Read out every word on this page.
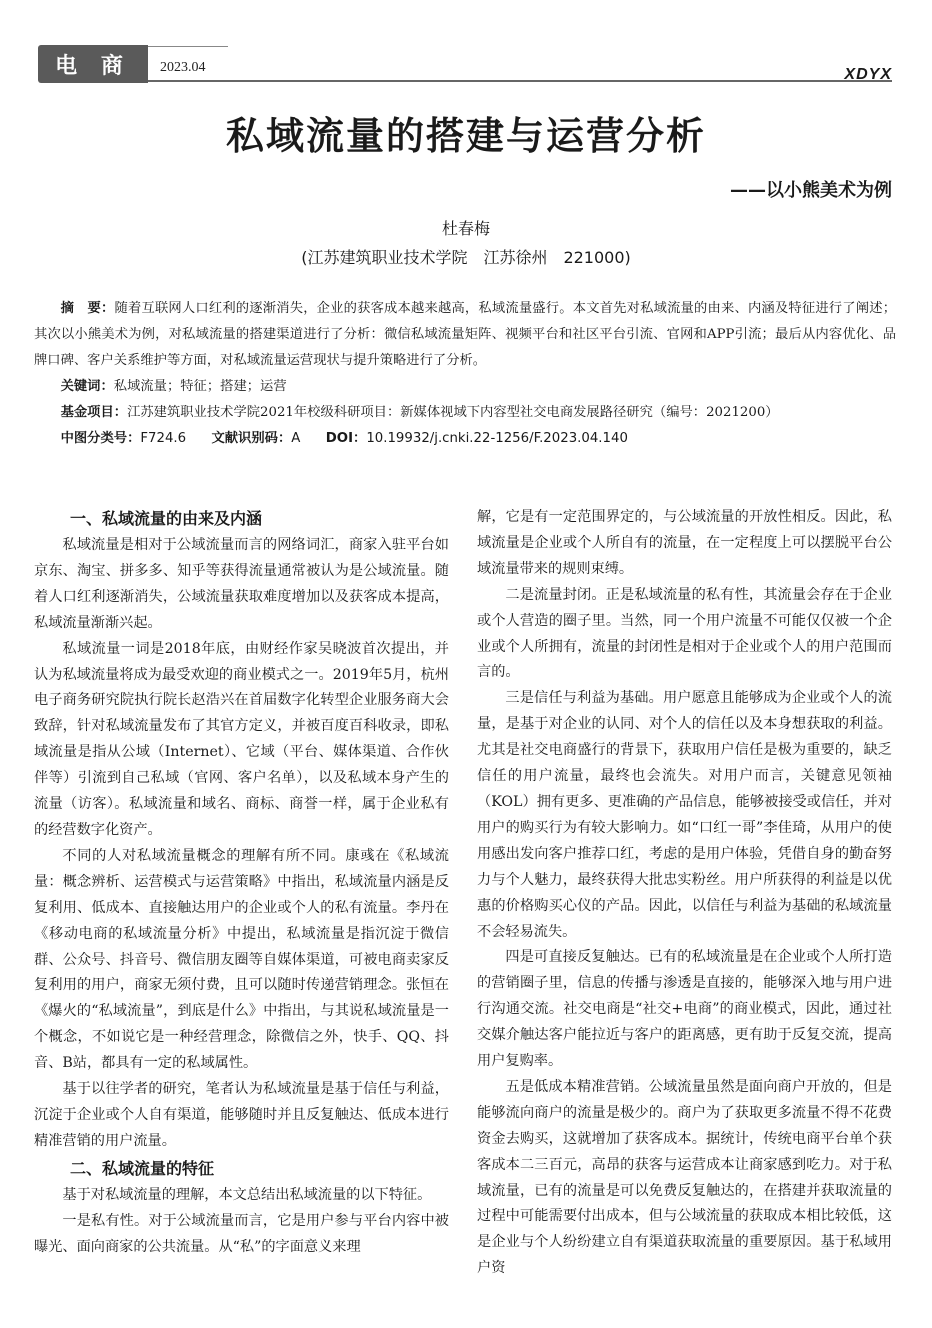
电 商	2023.04	XDYX
私域流量的搭建与运营分析
——以小熊美术为例
杜春梅
(江苏建筑职业技术学院　江苏徐州　221000)

摘　要：随着互联网人口红利的逐渐消失，企业的获客成本越来越高，私域流量盛行。本文首先对私域流量的由来、内涵及特征进行了阐述；其次以小熊美术为例，对私域流量的搭建渠道进行了分析：微信私域流量矩阵、视频平台和社区平台引流、官网和APP引流；最后从内容优化、品牌口碑、客户关系维护等方面，对私域流量运营现状与提升策略进行了分析。

关键词：私域流量；特征；搭建；运营

基金项目：江苏建筑职业技术学院2021年校级科研项目：新媒体视域下内容型社交电商发展路径研究（编号：2021200）

中图分类号：F724.6 文献识别码：A DOI：10.19932/j.cnki.22-1256/F.2023.04.140

一、私域流量的由来及内涵

私域流量是相对于公域流量而言的网络词汇，商家入驻平台如京东、淘宝、拼多多、知乎等获得流量通常被认为是公域流量。随着人口红利逐渐消失，公域流量获取难度增加以及获客成本提高，私域流量渐渐兴起。

私域流量一词是2018年底，由财经作家吴晓波首次提出，并认为私域流量将成为最受欢迎的商业模式之一。2019年5月，杭州电子商务研究院执行院长赵浩兴在首届数字化转型企业服务商大会致辞，针对私域流量发布了其官方定义，并被百度百科收录，即私域流量是指从公域（Internet）、它域（平台、媒体渠道、合作伙伴等）引流到自己私域（官网、客户名单），以及私域本身产生的流量（访客）。私域流量和域名、商标、商誉一样，属于企业私有的经营数字化资产。

不同的人对私域流量概念的理解有所不同。康彧在《私域流量：概念辨析、运营模式与运营策略》中指出，私域流量内涵是反复利用、低成本、直接触达用户的企业或个人的私有流量。李丹在《移动电商的私域流量分析》中提出，私域流量是指沉淀于微信群、公众号、抖音号、微信朋友圈等自媒体渠道，可被电商卖家反复利用的用户，商家无须付费，且可以随时传递营销理念。张恒在《爆火的“私域流量”，到底是什么》中指出，与其说私域流量是一个概念，不如说它是一种经营理念，除微信之外，快手、QQ、抖音、B站，都具有一定的私域属性。

基于以往学者的研究，笔者认为私域流量是基于信任与利益，沉淀于企业或个人自有渠道，能够随时并且反复触达、低成本进行精准营销的用户流量。

二、私域流量的特征

基于对私域流量的理解，本文总结出私域流量的以下特征。

一是私有性。对于公域流量而言，它是用户参与平台内容中被曝光、面向商家的公共流量。从“私”的字面意义来理

解，它是有一定范围界定的，与公域流量的开放性相反。因此，私域流量是企业或个人所自有的流量，在一定程度上可以摆脱平台公域流量带来的规则束缚。

二是流量封闭。正是私域流量的私有性，其流量会存在于企业或个人营造的圈子里。当然，同一个用户流量不可能仅仅被一个企业或个人所拥有，流量的封闭性是相对于企业或个人的用户范围而言的。

三是信任与利益为基础。用户愿意且能够成为企业或个人的流量，是基于对企业的认同、对个人的信任以及本身想获取的利益。尤其是社交电商盛行的背景下，获取用户信任是极为重要的，缺乏信任的用户流量，最终也会流失。对用户而言，关键意见领袖（KOL）拥有更多、更准确的产品信息，能够被接受或信任，并对用户的购买行为有较大影响力。如“口红一哥”李佳琦，从用户的使用感出发向客户推荐口红，考虑的是用户体验，凭借自身的勤奋努力与个人魅力，最终获得大批忠实粉丝。用户所获得的利益是以优惠的价格购买心仪的产品。因此，以信任与利益为基础的私域流量不会轻易流失。

四是可直接反复触达。已有的私域流量是在企业或个人所打造的营销圈子里，信息的传播与渗透是直接的，能够深入地与用户进行沟通交流。社交电商是“社交+电商”的商业模式，因此，通过社交媒介触达客户能拉近与客户的距离感，更有助于反复交流，提高用户复购率。

五是低成本精准营销。公域流量虽然是面向商户开放的，但是能够流向商户的流量是极少的。商户为了获取更多流量不得不花费资金去购买，这就增加了获客成本。据统计，传统电商平台单个获客成本二三百元，高昂的获客与运营成本让商家感到吃力。对于私域流量，已有的流量是可以免费反复触达的，在搭建并获取流量的过程中可能需要付出成本，但与公域流量的获取成本相比较低，这是企业与个人纷纷建立自有渠道获取流量的重要原因。基于私域用户资
